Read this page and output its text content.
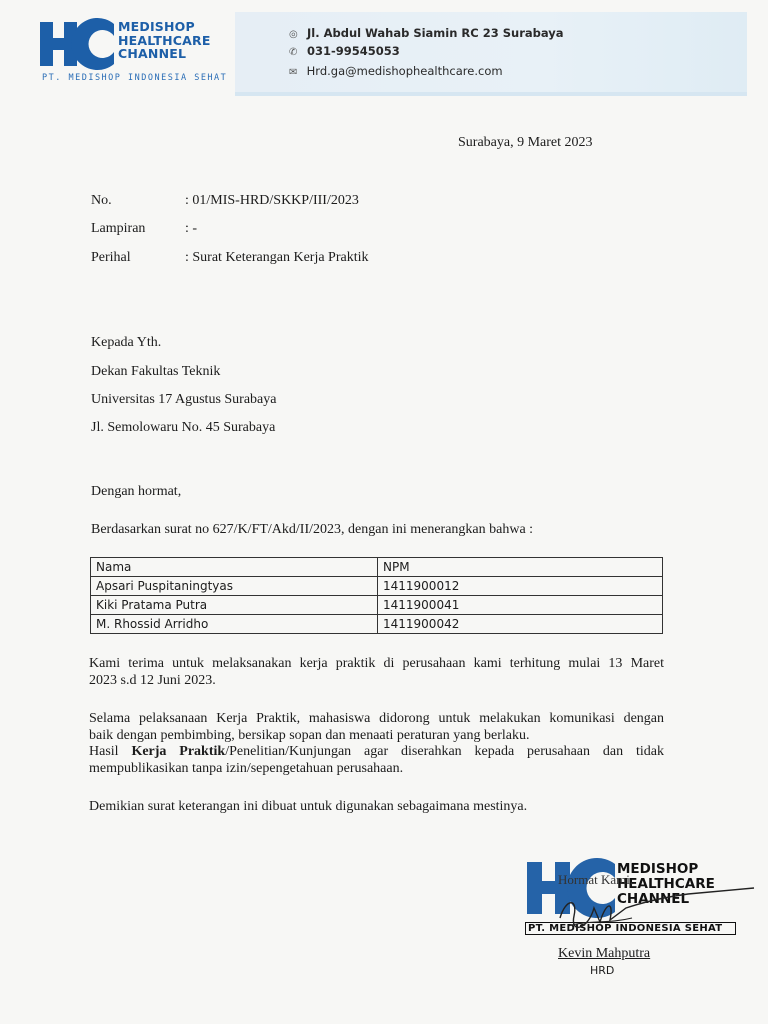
MEDISHOP
HEALTHCARE
CHANNEL
PT. MEDISHOP INDONESIA SEHAT
◎ Jl. Abdul Wahab Siamin RC 23 Surabaya
✆ 031-99545053
✉ Hrd.ga@medishophealthcare.com
Surabaya, 9 Maret 2023
No.	: 01/MIS-HRD/SKKP/III/2023
Lampiran	: -
Perihal	: Surat Keterangan Kerja Praktik
Kepada Yth.
Dekan Fakultas Teknik
Universitas 17 Agustus Surabaya
Jl. Semolowaru No. 45 Surabaya
Dengan hormat,
Berdasarkan surat no 627/K/FT/Akd/II/2023, dengan ini menerangkan bahwa :
Nama	NPM
Apsari Puspitaningtyas	1411900012
Kiki Pratama Putra	1411900041
M. Rhossid Arridho	1411900042
Kami terima untuk melaksanakan kerja praktik di perusahaan kami terhitung mulai 13 Maret
2023 s.d 12 Juni 2023.
Selama pelaksanaan Kerja Praktik, mahasiswa didorong untuk melakukan komunikasi dengan
baik dengan pembimbing, bersikap sopan dan menaati peraturan yang berlaku.
Hasil Kerja Praktik/Penelitian/Kunjungan agar diserahkan kepada perusahaan dan tidak
mempublikasikan tanpa izin/sepengetahuan perusahaan.
Demikian surat keterangan ini dibuat untuk digunakan sebagaimana mestinya.
MEDISHOP
HEALTHCARE
CHANNEL
PT. MEDISHOP INDONESIA SEHAT
Hormat Kami,
Kevin Mahputra
HRD
